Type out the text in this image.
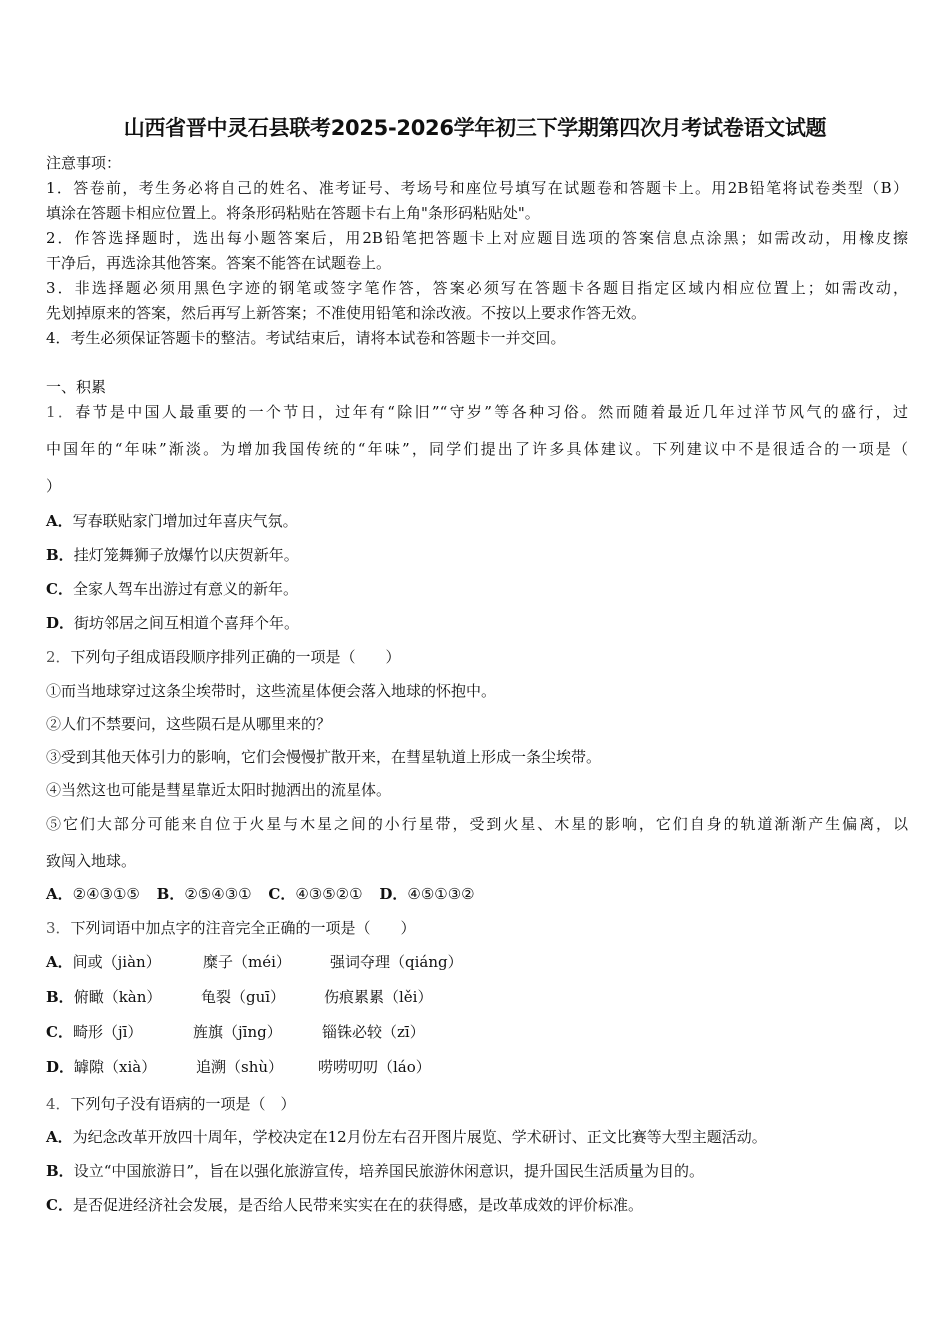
山西省晋中灵石县联考2025-2026学年初三下学期第四次月考试卷语文试题
注意事项：
1．答卷前，考生务必将自己的姓名、准考证号、考场号和座位号填写在试题卷和答题卡上。用2B铅笔将试卷类型（B）
填涂在答题卡相应位置上。将条形码粘贴在答题卡右上角"条形码粘贴处"。
2．作答选择题时，选出每小题答案后，用2B铅笔把答题卡上对应题目选项的答案信息点涂黑；如需改动，用橡皮擦
干净后，再选涂其他答案。答案不能答在试题卷上。
3．非选择题必须用黑色字迹的钢笔或签字笔作答，答案必须写在答题卡各题目指定区域内相应位置上；如需改动，
先划掉原来的答案，然后再写上新答案；不准使用铅笔和涂改液。不按以上要求作答无效。
4．考生必须保证答题卡的整洁。考试结束后，请将本试卷和答题卡一并交回。
一、积累
1．春节是中国人最重要的一个节日，过年有“除旧”“守岁”等各种习俗。然而随着最近几年过洋节风气的盛行，过
中国年的“年味”渐淡。为增加我国传统的“年味”，同学们提出了许多具体建议。下列建议中不是很适合的一项是（
）
A．写春联贴家门增加过年喜庆气氛。
B．挂灯笼舞狮子放爆竹以庆贺新年。
C．全家人驾车出游过有意义的新年。
D．街坊邻居之间互相道个喜拜个年。
2．下列句子组成语段顺序排列正确的一项是（　　）
①而当地球穿过这条尘埃带时，这些流星体便会落入地球的怀抱中。
②人们不禁要问，这些陨石是从哪里来的？
③受到其他天体引力的影响，它们会慢慢扩散开来，在彗星轨道上形成一条尘埃带。
④当然这也可能是彗星靠近太阳时抛洒出的流星体。
⑤它们大部分可能来自位于火星与木星之间的小行星带，受到火星、木星的影响，它们自身的轨道渐渐产生偏离，以
致闯入地球。
A．②④③①⑤ B．②⑤④③① C．④③⑤②① D．④⑤①③②
3．下列词语中加点字的注音完全正确的一项是（　　）
A．间或（jiàn）	糜子（méi）	强词夺理（qiáng）
B．俯瞰（kàn）	龟裂（guī）	伤痕累累（lěi）
C．畸形（jī）	旌旗（jīng）	锱铢必较（zī）
D．罅隙（xià）	追溯（shù） 唠唠叨叨（láo）
4．下列句子没有语病的一项是（　）
A．为纪念改革开放四十周年，学校决定在12月份左右召开图片展览、学术研讨、正文比赛等大型主题活动。
B．设立“中国旅游日”，旨在以强化旅游宣传，培养国民旅游休闲意识，提升国民生活质量为目的。
C．是否促进经济社会发展，是否给人民带来实实在在的获得感，是改革成效的评价标准。
